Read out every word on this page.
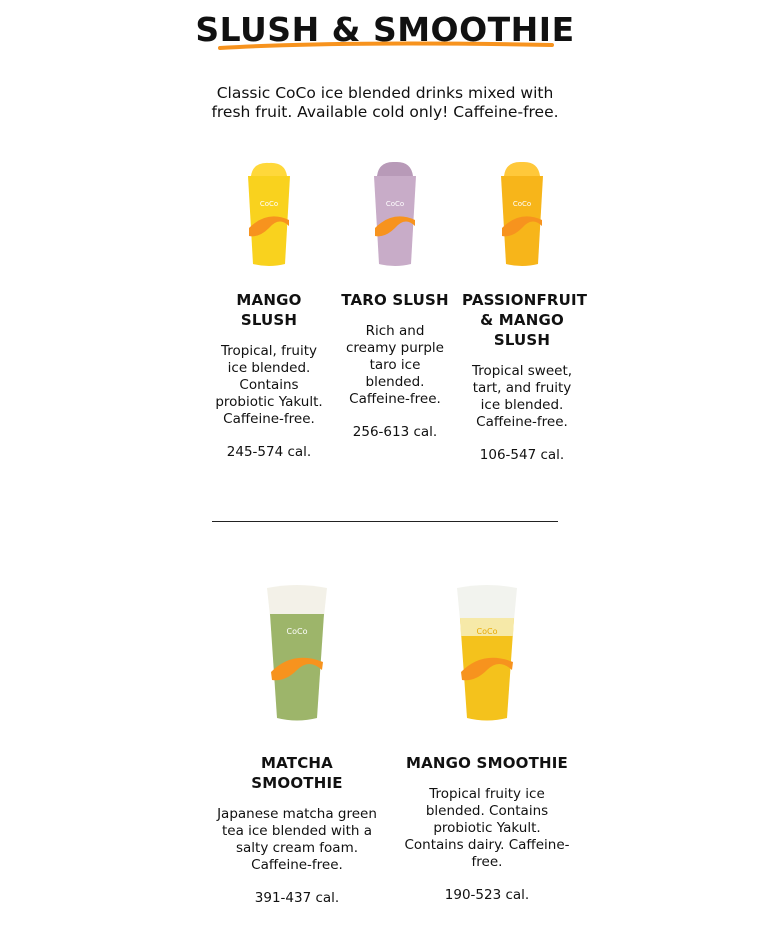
SLUSH & SMOOTHIE

Classic CoCo ice blended drinks mixed with fresh fruit. Available cold only! Caffeine-free.

CoCo

MANGO SLUSH

Tropical, fruity ice blended. Contains probiotic Yakult. Caffeine-free.

245-574 cal.

CoCo

TARO SLUSH

Rich and creamy purple taro ice blended. Caffeine-free.

256-613 cal.

CoCo

PASSIONFRUIT & MANGO SLUSH

Tropical sweet, tart, and fruity ice blended. Caffeine-free.

106-547 cal.

CoCo

MATCHA SMOOTHIE

Japanese matcha green tea ice blended with a salty cream foam. Caffeine-free.

391-437 cal.

CoCo

MANGO SMOOTHIE

Tropical fruity ice blended. Contains probiotic Yakult. Contains dairy. Caffeine-free.

190-523 cal.
